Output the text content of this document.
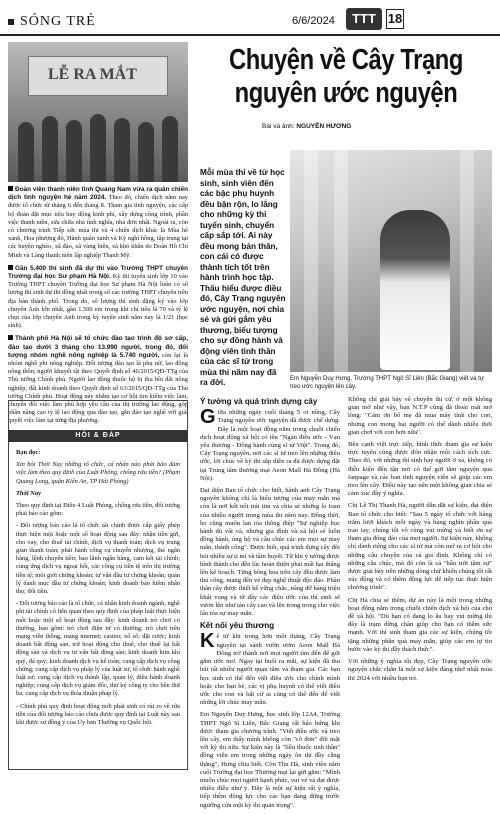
SÓNG TRẺ	6/6/2024	TTT 18
LỄ RA MẮT

Đoàn viên thanh niên tỉnh Quảng Nam vừa ra quân chiến dịch tình nguyện hè năm 2024. Theo đó, chiến dịch năm nay được tổ chức từ tháng 6 đến tháng 8. Tham gia tình nguyện, các cấp bộ đoàn đặt mục tiêu huy động kinh phí, xây dựng công trình, phần việc thanh niên, sửa chữa nhà tình nghĩa, nhà đơn nhất. Ngoài ra, còn có chương trình Tiếp sức mùa thi và 4 chiến dịch khác là Mùa hè xanh, Hoa phượng đỏ, Hành quân xanh và Kỳ nghỉ hồng, tập trung tại các huyện nghèo, xã đảo, xã vùng biên, xã khó khăn do Đoàn Hồ Chí Minh và Làng thanh niên lập nghiệp Thạnh Mỹ.

Gần 5.400 thí sinh đã dự thi vào Trường THPT chuyên Trường đại học Sư phạm Hà Nội. Kỳ thi tuyển sinh lớp 10 vào Trường THPT chuyên Trường đại học Sư phạm Hà Nội luôn có số lượng thí sinh dự thi đông nhất trong số các trường THPT chuyên trên địa bàn thành phố. Trong đó, số lượng thí sinh đăng ký vào lớp chuyên Anh lớn nhất, gần 1.500 em trong khi chỉ tiêu là 70 và tỷ lệ chọi của lớp chuyên Anh trong kỳ tuyển sinh năm nay là 1/21 (học sinh).

Thành phố Hà Nội sẽ tổ chức đào tạo trình độ sơ cấp, đào tạo dưới 3 tháng cho 13.990 người, trong đó, đối tượng nhóm nghề nông nghiệp là 5.740 người, còn lại là nhóm nghề phi nông nghiệp. Đối tượng đào tạo là phụ nữ, lao động nông thôn, người khuyết tật theo Quyết định số 46/2015/QĐ-TTg của Thủ tướng Chính phủ. Người lao động thuộc hộ bị thu hồi đất nông nghiệp, đất kinh doanh theo Quyết định số 63/2015/QĐ-TTg của Thủ tướng Chính phủ. Hoạt động này nhằm tạo cơ hội tìm kiếm việc làm, chuyển đổi việc làm phù hợp yêu cầu của thị trường lao động, góp phần nâng cao tỷ lệ lao động qua đào tạo, gắn đào tạo nghề với giải quyết việc làm tại từng địa phương.

Bạn đọc:

Xin hỏi Thời Nay những tổ chức, cá nhân nào phải bảo đảm việc làm theo quy định của Luật Phòng, chống rửa tiền? (Phạm Quang Long, quận Kiến An, TP Hải Phòng)

Thời Nay

Theo quy định tại Điều 4 Luật Phòng, chống rửa tiền, đối tượng phải báo cáo gồm:

- Đối tượng báo cáo là tổ chức tài chính được cấp giấy phép thực hiện một hoặc một số hoạt động sau đây: nhận tiền gửi, cho vay, cho thuê tài chính, dịch vụ thanh toán; dịch vụ trung gian thanh toán; phát hành công cụ chuyển nhượng, thẻ ngân hàng, lệnh chuyển tiền; bao lãnh ngân hàng, cam kết tài chính; cung ứng dịch vụ ngoại hối, các công cụ tiền tệ trên thị trường tiền tệ; môi giới chứng khoán; tư vấn đầu tư chứng khoán; quản lý danh mục đầu tư chứng khoán; kinh doanh bảo hiểm nhân thọ; đổi tiền.

- Đối tượng báo cáo là tổ chức, cá nhân kinh doanh ngành, nghề phi tài chính có liên quan theo quy định của pháp luật thực hiện một hoặc một số hoạt động sau đây: kinh doanh trò chơi có thưởng, bao gồm: trò chơi điện tử có thưởng; trò chơi trên mạng viễn thông, mạng internet; casino; xổ số; đặt cược; kinh doanh bất động sản, trừ hoạt động cho thuê, cho thuê lại bất động sản và dịch vụ tư vấn bất động sản; kinh doanh kim khí quý, đá quý; kinh doanh dịch vụ kế toán; cung cấp dịch vụ công chứng; cung cấp dịch vụ pháp lý của luật sư, tổ chức hành nghề luật sư; cung cấp dịch vụ thành lập, quản lý, điều hành doanh nghiệp; cung cấp dịch vụ giám đốc, thư ký công ty cho bên thứ ba; cung cấp dịch vụ thỏa thuận pháp lý.

- Chính phủ quy định hoạt động mới phát sinh có rủi ro về rửa tiền của đối tượng báo cáo chưa được quy định tại Luật này sau khi được sự đồng ý của Ủy ban Thường vụ Quốc hội.

HỎI & ĐÁP
Chuyện về Cây Trạng nguyên ước nguyện
Bài và ảnh: NGUYỄN HƯƠNG
Mỗi mùa thi về từ học sinh, sinh viên đến các bậc phụ huynh đều bận rộn, lo lắng cho những kỳ thi tuyển sinh, chuyển cấp sắp tới. Ai này đều mong bản thân, con cái có được thành tích tốt trên hành trình học tập. Thấu hiểu được điều đó, Cây Trạng nguyên ước nguyện, nơi chia sẻ và gửi gắm yêu thương, biểu tượng cho sự đồng hành và động viên tinh thần của các sĩ tử trong mùa thi năm nay đã ra đời.	Em Nguyễn Duy Hưng, Trường THPT Ngô Sĩ Liên (Bắc Giang) viết và tự treo ước nguyện lên cây.
Ý tưởng và quá trình dựng cây

Giữa những ngày cuối tháng 5 oi nồng, Cây Trạng nguyên ước nguyện đã được chế dựng. Đây là một hoạt động nằm trong chuỗi chiến dịch hoạt động xã hội có tên "Ngàn điều ước - Vạn yêu thương - Đồng hành cùng sĩ tử Việt". Trong đó, Cây Trạng nguyên, nơi các sĩ tử treo lên những điều ước, lời chúc về kỳ thi sắp diễn ra đã được dựng đặt tại Trung tâm thương mại Aeon Mall Hà Đông (Hà Nội).

Đại diện Ban tổ chức cho biết, hành anh Cây Trạng nguyên không chỉ là biểu tượng của may mắn mà còn là nơi kết nối trái tim và chia sẻ những lo toan của nhiều người trong mùa thi năm nay. Đồng thời, họ cũng muốn lan tỏa thông điệp "Sự nghiệp học hành dù vất vả, nhưng gia đình và xã hội sẽ luôn đồng hành, ủng hộ và cầu chúc các em mọi sự may mắn, thành công". Được biết, quá trình dựng cây đòi hỏi nhiều sự tỉ mỉ và tâm huyết. Từ khi ý tưởng được hình thành cho đến lúc hoàn thiện phải mất hai tháng lên kế hoạch. Từng bông hoa trên cây đều được làm thủ công, mang đến vẻ đẹp nghệ thuật độc đáo. Phần thân cây được thiết kế vững chắc, nâng đỡ hàng triệu khát vọng và từ đây các điều ước của thí sinh sẽ vươn lên như tán cây cao và lên trong trong cho việc lấn tỏa sự may mắn.

Kết nối yêu thương

Kể từ khi trong hơn một tháng, Cây Trạng nguyên tại sảnh vườn ươm Aeon Mall Hà Đông trở thành nơi mọi người tìm đến để gửi gắm ước mơ. Ngay tại buổi ra mắt, sự kiện đã thu hút rất nhiều người quan tâm và tham gia. Các bạn học sinh có thể đến viết điều ước cho chính mình hoặc cho bạn bè, các vị phụ huynh có thể viết điều ước cho con và bất cứ ai cũng có thể đến để viết những lời chúc may mắn.

Em Nguyễn Duy Hưng, học sinh lớp 12A4, Trường THPT Ngô Sĩ Liên, Bắc Giang rất háo hứng khi được tham gia chương trình. "Viết điều ước và treo lên cây, em thấy mình không còn "cô đơn" đối mặt với kỳ thi nữa. Sự kiện này là "liều thuốc tinh thần" đồng viên em trong những ngày ôn thi đầy căng thẳng", Hưng chia biết. Còn Thu Hà, sinh viên năm cuối Trường đại học Thương mại lại gửi gắm: "Mình muốn chúc mọi người hạnh phúc, vui vẻ và đạt được nhiều điều như ý. Đây là một sự kiện rất ý nghĩa, tiếp thêm động lực cho các bạn đang đứng trước ngưỡng cửa một kỳ thi quan trọng".

Không chỉ giải bày về chuyện thi cử, ở một không gian mở như vậy, bạn N.T.P cũng đã thoải mái mở lòng: "Cảm ơn bố mẹ đã mua máy tính cho con, nhưng con mong hai người có thể dành nhiều thời gian chơi với con hơn nữa".

Bên cạnh việt trực tiếp, hình thức tham gia sự kiện trực tuyến cũng được đón nhận một cách tích cực. Theo đó, với những thí sinh hay người ở xa, không có điều kiện đến tận nơi có thể gửi tâm nguyện qua fanpage và các ban tình nguyện viên sẽ giúp các em treo lên cây. Điều này tạo nên một không gian chia sẻ cảm xúc đầy ý nghĩa.

Chị Lê Thị Thanh Hà, người dẫn dắt sự kiện, đại diện Ban tổ chức cho biết: "Sau 5 ngày tổ chức với hàng trăm lượt khách mỗi ngày và hàng nghìn phần quà trao tay, chúng tôi vô cùng vui mừng và biết ơn sự tham gia đông đảo của mọi người. Sự kiện này, không chỉ dành riêng cho các sĩ tử mà còn mở ra cơ hội cho những câu chuyện của cả gia đình. Không chỉ có những câu chúc, mà đó còn là cả "bầu trời tâm sự" được giải bày trên những dòng chữ khiến chúng tôi rất xúc động và có thêm động lực để tiếp tục thực hiện chương trình".

Chị Hà chia sẻ thêm, dự án này là một trong những hoạt động nằm trong chuỗi chiến dịch xã hội của chủ đề xã hội. "Dù bạn có đang lo âu hay vui mừng thì đây là trạm dừng chân giúp cho bạn có thêm sức mạnh. Với thí sinh tham gia các sự kiện, chúng tôi tặng những phần quà may mắn, giúp các em tự tin bước vào kỳ thi đầy thách thức".

Với những ý nghĩa tốt đẹp, Cây Trạng nguyên ước nguyện chắc chắn là một sự kiện đáng nhớ nhất mùa thi 2024 với nhiều bạn trẻ.
